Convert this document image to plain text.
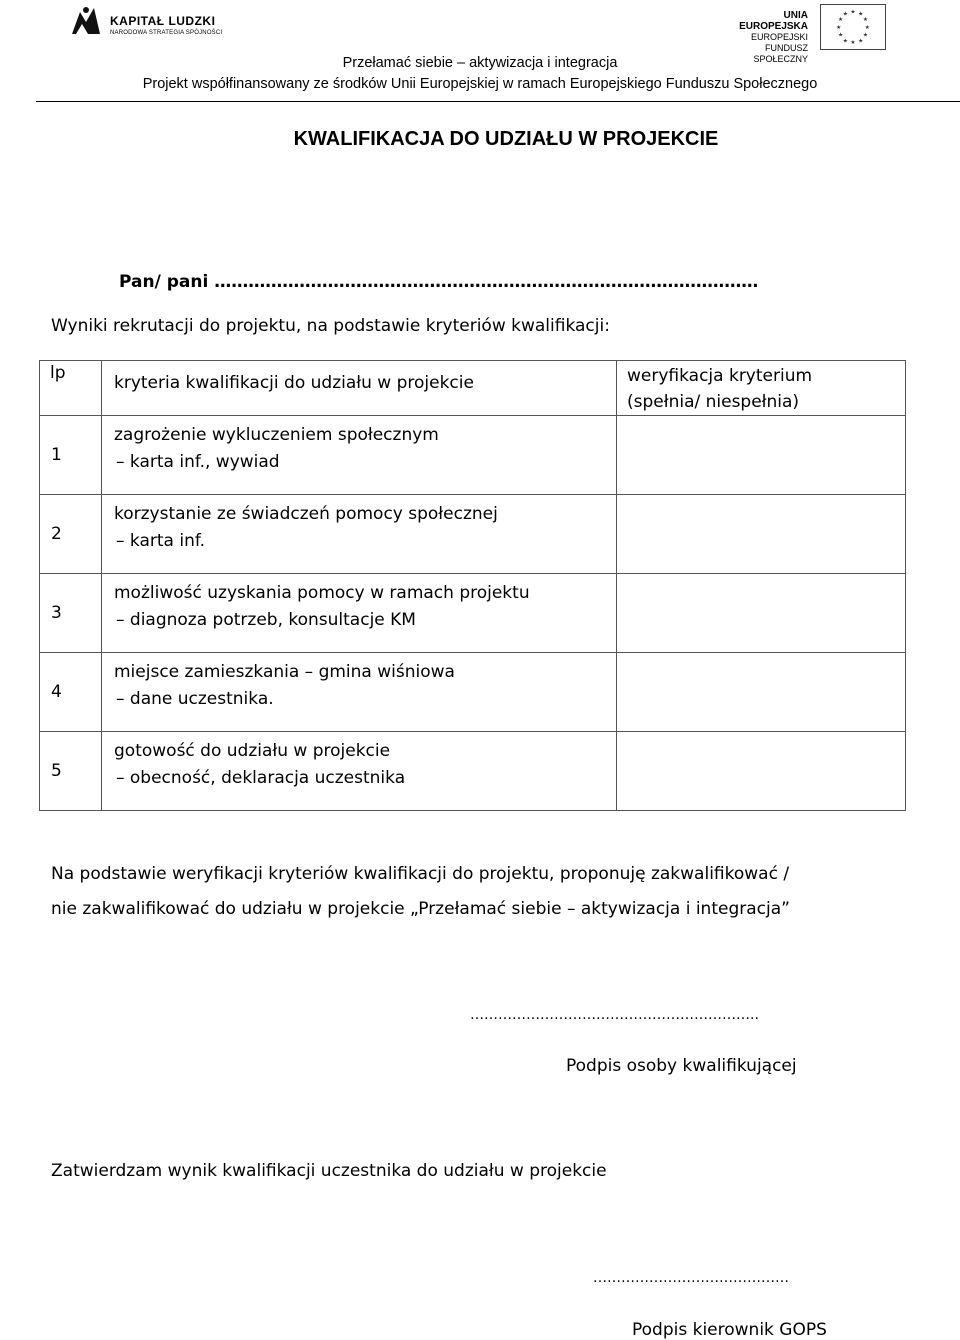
KAPITAŁ LUDZKI
NARODOWA STRATEGIA SPÓJNOŚCI
UNIA EUROPEJSKA
EUROPEJSKI
FUNDUSZ SPOŁECZNY
★ ★
★
★
★
★
★
★
★
★
★
★
Przełamać siebie – aktywizacja i integracja
Projekt współfinansowany ze środków Unii Europejskiej w ramach Europejskiego Funduszu Społecznego
KWALIFIKACJA DO UDZIAŁU W PROJEKCIE
Pan/ pani ……………………………………………………………………………………
Wyniki rekrutacji do projektu, na podstawie kryteriów kwalifikacji:
lp	kryteria kwalifikacji do udziału w projekcie	weryfikacja kryterium
(spełnia/ niespełnia)

1	zagrożenie wykluczeniem społecznym
– karta inf., wywiad	

2	korzystanie ze świadczeń pomocy społecznej
– karta inf.	

3	możliwość uzyskania pomocy w ramach projektu
– diagnoza potrzeb, konsultacje KM	

4	miejsce zamieszkania – gmina wiśniowa
– dane uczestnika.	

5	gotowość do udziału w projekcie
– obecność, deklaracja uczestnika	

Na podstawie weryfikacji kryteriów kwalifikacji do projektu, proponuję zakwalifikować /
nie zakwalifikować do udziału w projekcie „Przełamać siebie – aktywizacja i integracja”
……………………………………………………..
Podpis osoby kwalifikującej
Zatwierdzam wynik kwalifikacji uczestnika do udziału w projekcie
……………………………………
Podpis kierownik GOPS
